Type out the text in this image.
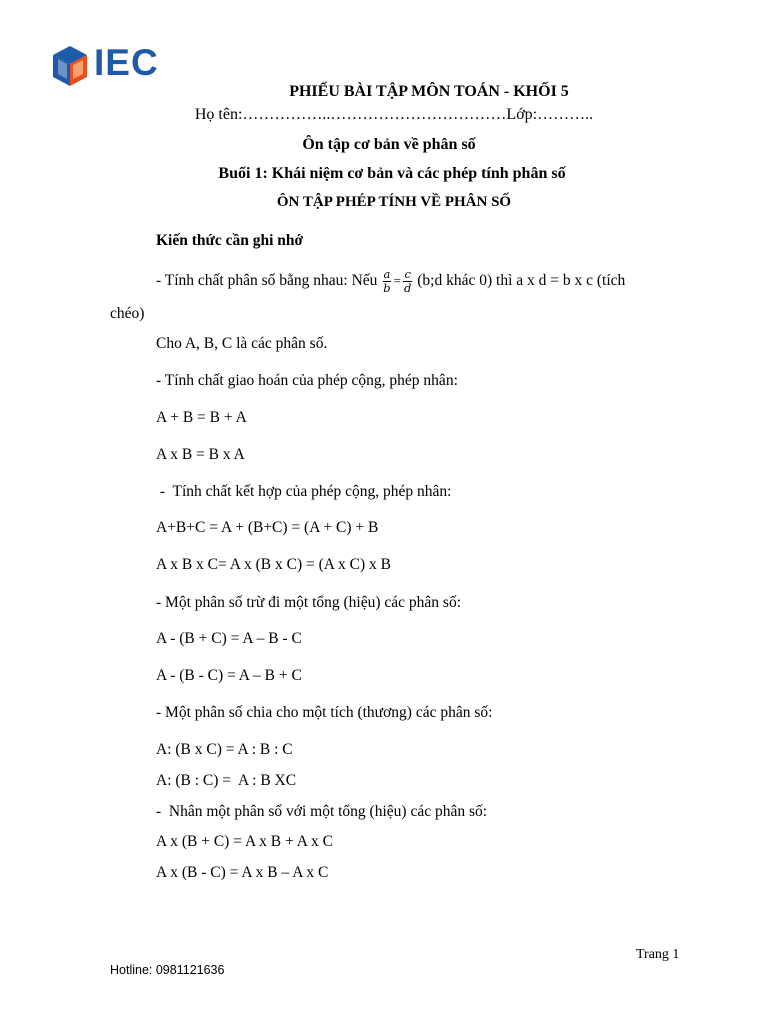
IEC
PHIẾU BÀI TẬP MÔN TOÁN - KHỐI 5
Họ tên:……………..……………………………Lớp:………..
Ôn tập cơ bản về phân số
Buổi 1: Khái niệm cơ bản và các phép tính phân số
ÔN TẬP PHÉP TÍNH VỀ PHÂN SỐ
Kiến thức cần ghi nhớ
- Tính chất phân số bằng nhau: Nếu $\frac{a}{b} = \frac{c}{d}$ (b;d khác 0) thì a x d = b x c (tích
chéo)
Cho A, B, C là các phân số.
- Tính chất giao hoán của phép cộng, phép nhân:
A + B = B + A
A x B = B x A
-  Tính chất kết hợp của phép cộng, phép nhân:
A+B+C = A + (B+C) = (A + C) + B
A x B x C= A x (B x C) = (A x C) x B
- Một phân số trừ đi một tổng (hiệu) các phân số:
A - (B + C) = A – B - C
A - (B - C) = A – B + C
- Một phân số chia cho một tích (thương) các phân số:
A: (B x C) = A : B : C
A: (B : C) =  A : B XC
-  Nhân một phân số với một tổng (hiệu) các phân số:
A x (B + C) = A x B + A x C
A x (B - C) = A x B – A x C
Trang 1
Hotline: 0981121636
